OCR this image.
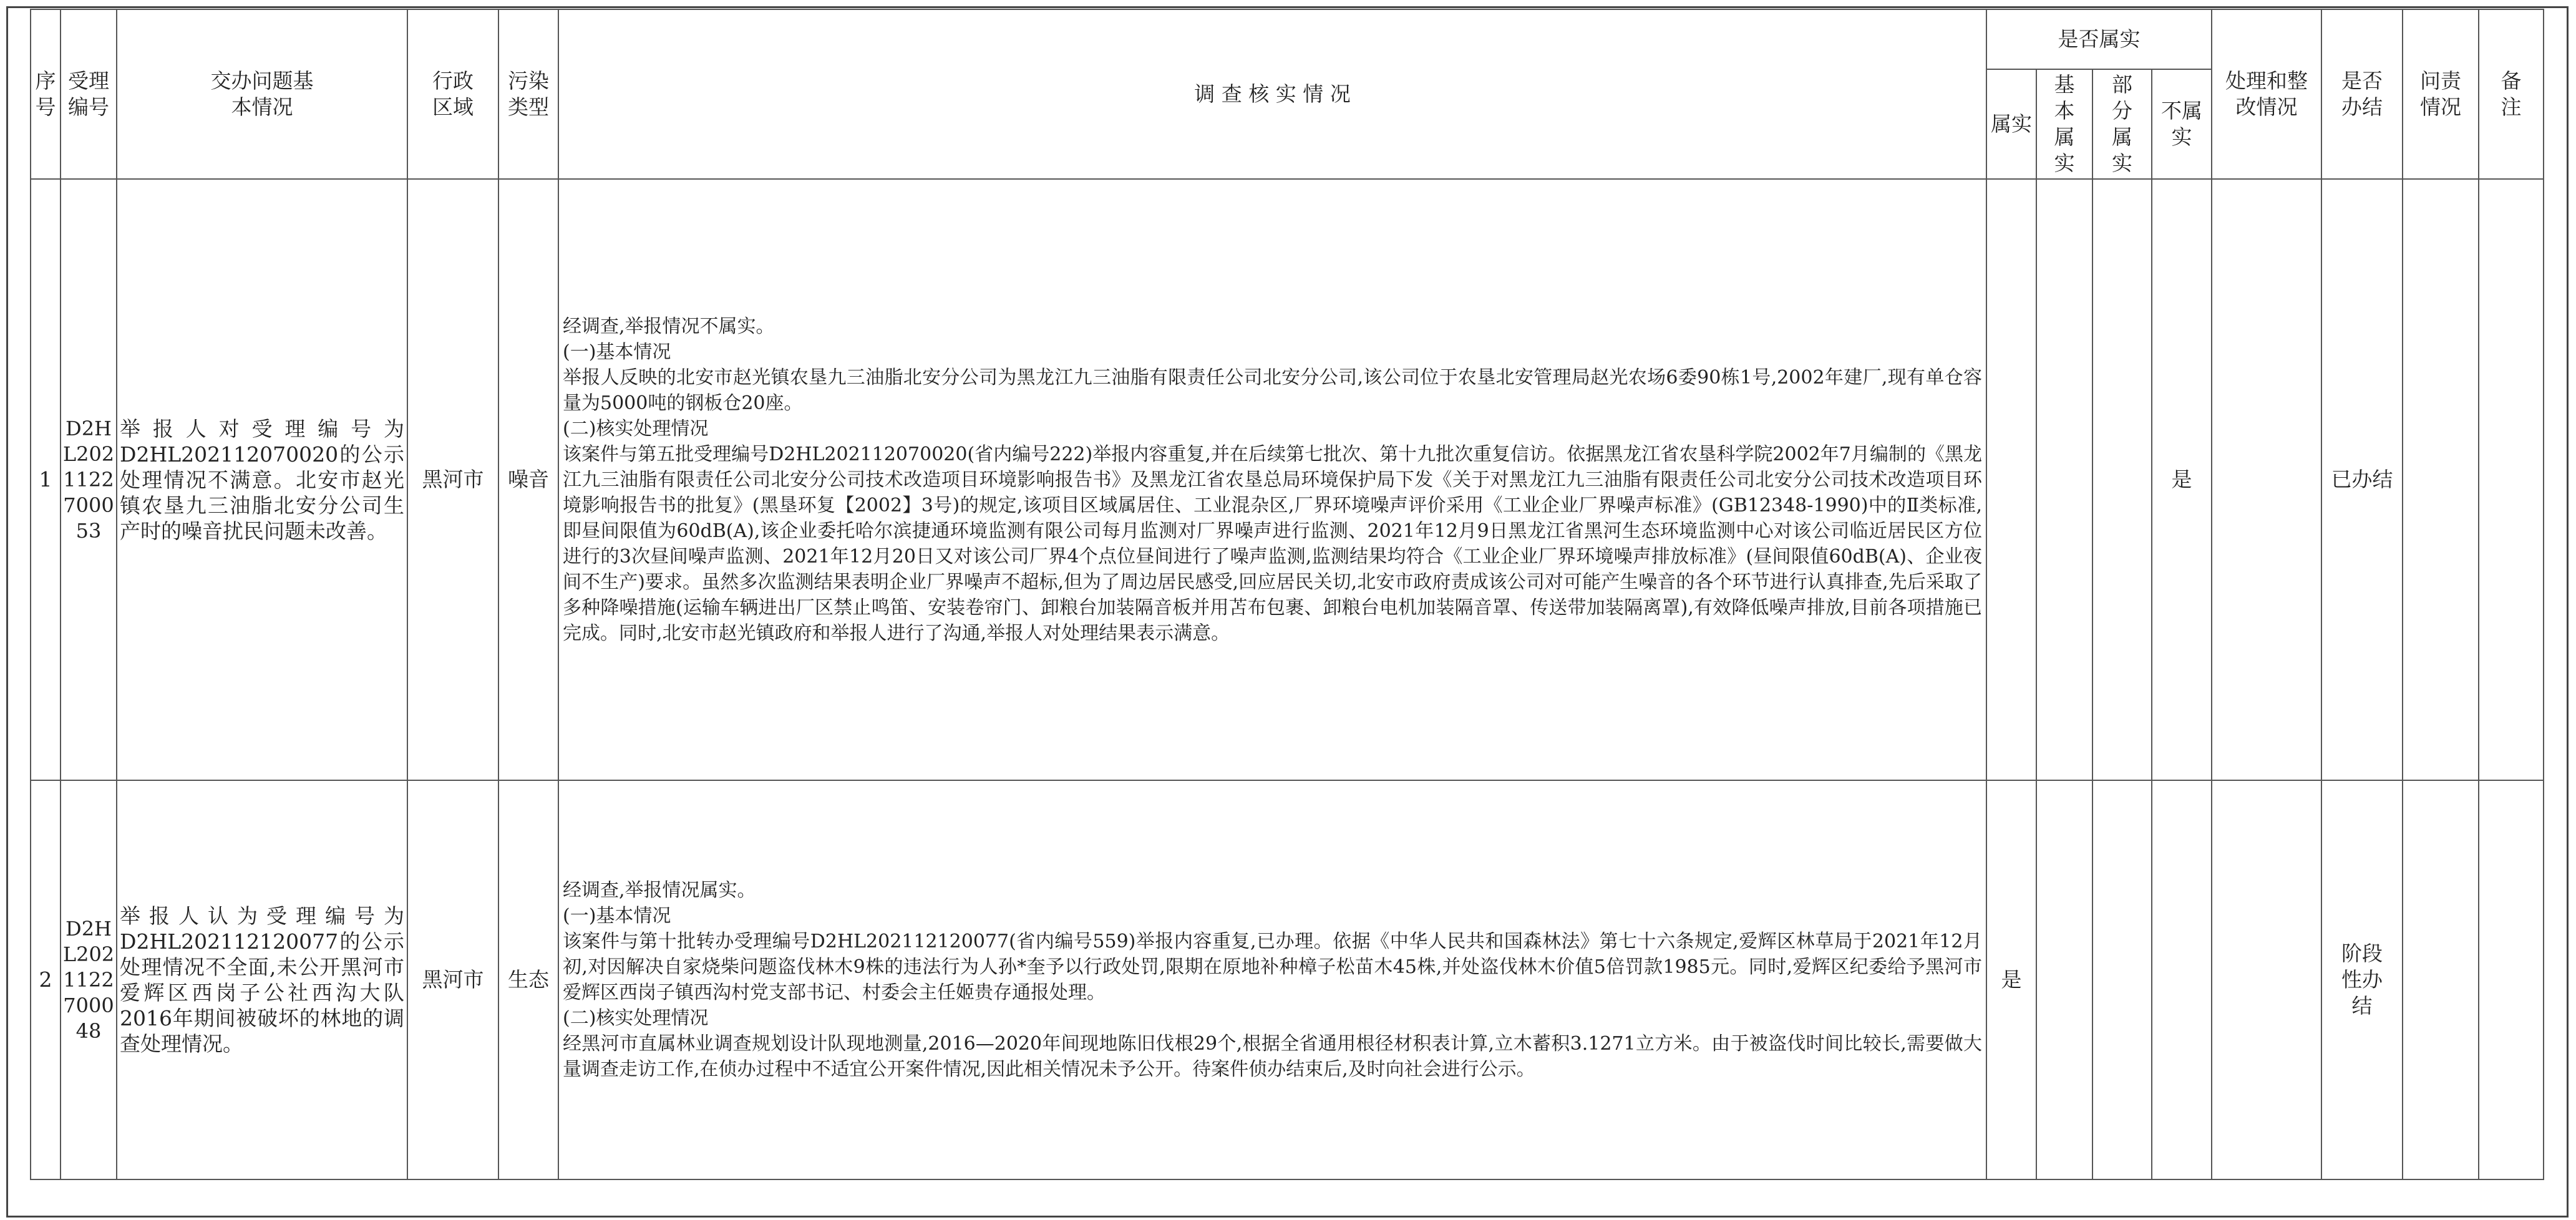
序号	受理编号	交办问题基本情况	行政区域	污染类型	调 查 核 实 情 况	是否属实				处理和整改情况	是否办结	问责情况	备注
						属实	基本属实	部分属实	不属实				
1	D2HL2021122700053	举报人对受理编号为D2HL202112070020的公示处理情况不满意。北安市赵光镇农垦九三油脂北安分公司生产时的噪音扰民问题未改善。	黑河市	噪音	经调查,举报情况不属实。
(一)基本情况
举报人反映的北安市赵光镇农垦九三油脂北安分公司为黑龙江九三油脂有限责任公司北安分公司,该公司位于农垦北安管理局赵光农场6委90栋1号,2002年建厂,现有单仓容量为5000吨的钢板仓20座。
(二)核实处理情况
该案件与第五批受理编号D2HL202112070020(省内编号222)举报内容重复,并在后续第七批次、第十九批次重复信访。依据黑龙江省农垦科学院2002年7月编制的《黑龙江九三油脂有限责任公司北安分公司技术改造项目环境影响报告书》及黑龙江省农垦总局环境保护局下发《关于对黑龙江九三油脂有限责任公司北安分公司技术改造项目环境影响报告书的批复》(黑垦环复【2002】3号)的规定,该项目区域属居住、工业混杂区,厂界环境噪声评价采用《工业企业厂界噪声标准》(GB12348-1990)中的Ⅱ类标准,即昼间限值为60dB(A),该企业委托哈尔滨捷通环境监测有限公司每月监测对厂界噪声进行监测、2021年12月9日黑龙江省黑河生态环境监测中心对该公司临近居民区方位进行的3次昼间噪声监测、2021年12月20日又对该公司厂界4个点位昼间进行了噪声监测,监测结果均符合《工业企业厂界环境噪声排放标准》(昼间限值60dB(A)、企业夜间不生产)要求。虽然多次监测结果表明企业厂界噪声不超标,但为了周边居民感受,回应居民关切,北安市政府责成该公司对可能产生噪音的各个环节进行认真排查,先后采取了多种降噪措施(运输车辆进出厂区禁止鸣笛、安装卷帘门、卸粮台加装隔音板并用苫布包裹、卸粮台电机加装隔音罩、传送带加装隔离罩),有效降低噪声排放,目前各项措施已完成。同时,北安市赵光镇政府和举报人进行了沟通,举报人对处理结果表示满意。				是		已办结		
2	D2HL2021122700048	举报人认为受理编号为D2HL202112120077的公示处理情况不全面,未公开黑河市爱辉区西岗子公社西沟大队2016年期间被破坏的林地的调查处理情况。	黑河市	生态	经调查,举报情况属实。
(一)基本情况
该案件与第十批转办受理编号D2HL202112120077(省内编号559)举报内容重复,已办理。依据《中华人民共和国森林法》第七十六条规定,爱辉区林草局于2021年12月初,对因解决自家烧柴问题盗伐林木9株的违法行为人孙*奎予以行政处罚,限期在原地补种樟子松苗木45株,并处盗伐林木价值5倍罚款1985元。同时,爱辉区纪委给予黑河市爱辉区西岗子镇西沟村党支部书记、村委会主任姬贵存通报处理。
(二)核实处理情况
经黑河市直属林业调查规划设计队现地测量,2016—2020年间现地陈旧伐根29个,根据全省通用根径材积表计算,立木蓄积3.1271立方米。由于被盗伐时间比较长,需要做大量调查走访工作,在侦办过程中不适宜公开案件情况,因此相关情况未予公开。待案件侦办结束后,及时向社会进行公示。	是					阶段性办结		
